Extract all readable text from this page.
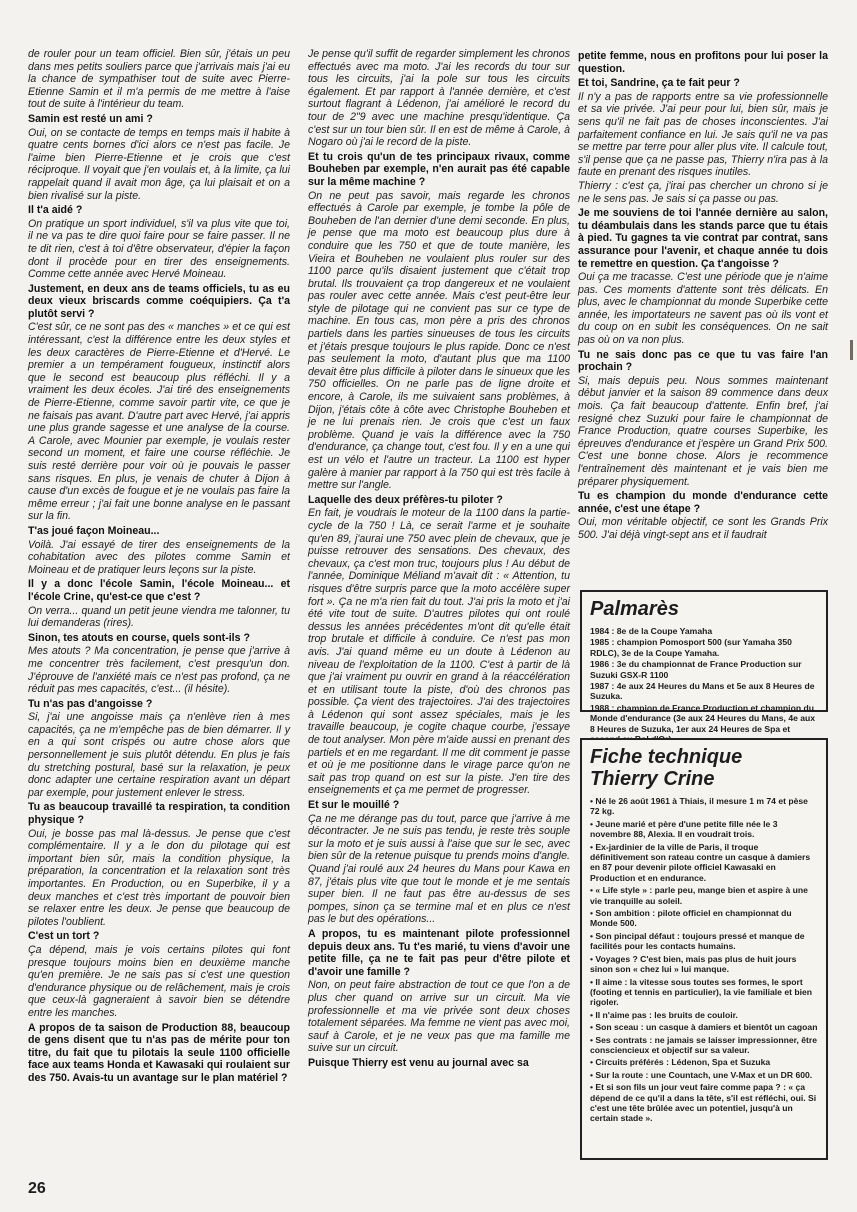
de rouler pour un team officiel. Bien sûr, j'étais un peu dans mes petits souliers parce que j'arrivais mais j'ai eu la chance de sympathiser tout de suite avec Pierre-Etienne Samin et il m'a permis de me mettre à l'aise tout de suite à l'intérieur du team.

Samin est resté un ami ?

Oui, on se contacte de temps en temps mais il habite à quatre cents bornes d'ici alors ce n'est pas facile. Je l'aime bien Pierre-Etienne et je crois que c'est réciproque. Il voyait que j'en voulais et, à la limite, ça lui rappelait quand il avait mon âge, ça lui plaisait et on a bien rivalisé sur la piste.

Il t'a aidé ?

On pratique un sport individuel, s'il va plus vite que toi, il ne va pas te dire quoi faire pour se faire passer. Il ne te dit rien, c'est à toi d'être observateur, d'épier la façon dont il procède pour en tirer des enseignements. Comme cette année avec Hervé Moineau.

Justement, en deux ans de teams officiels, tu as eu deux vieux briscards comme coéquipiers. Ça t'a plutôt servi ?

C'est sûr, ce ne sont pas des « manches » et ce qui est intéressant, c'est la différence entre les deux styles et les deux caractères de Pierre-Etienne et d'Hervé. Le premier a un tempérament fougueux, instinctif alors que le second est beaucoup plus réfléchi. Il y a vraiment les deux écoles. J'ai tiré des enseignements de Pierre-Etienne, comme savoir partir vite, ce que je ne faisais pas avant. D'autre part avec Hervé, j'ai appris une plus grande sagesse et une analyse de la course. A Carole, avec Mounier par exemple, je voulais rester second un moment, et faire une course réfléchie. Je suis resté derrière pour voir où je pouvais le passer sans risques. En plus, je venais de chuter à Dijon à cause d'un excès de fougue et je ne voulais pas faire la même erreur ; j'ai fait une bonne analyse en le passant sur la fin.

T'as joué façon Moineau...

Voilà. J'ai essayé de tirer des enseignements de la cohabitation avec des pilotes comme Samin et Moineau et de pratiquer leurs leçons sur la piste.

Il y a donc l'école Samin, l'école Moineau... et l'école Crine, qu'est-ce que c'est ?

On verra... quand un petit jeune viendra me talonner, tu lui demanderas (rires).

Sinon, tes atouts en course, quels sont-ils ?

Mes atouts ? Ma concentration, je pense que j'arrive à me concentrer très facilement, c'est presqu'un don. J'éprouve de l'anxiété mais ce n'est pas profond, ça ne réduit pas mes capacités, c'est... (il hésite).

Tu n'as pas d'angoisse ?

Si, j'ai une angoisse mais ça n'enlève rien à mes capacités, ça ne m'empêche pas de bien démarrer. Il y en a qui sont crispés ou autre chose alors que personnellement je suis plutôt détendu. En plus je fais du stretching postural, basé sur la relaxation, je peux donc adapter une certaine respiration avant un départ par exemple, pour justement enlever le stress.

Tu as beaucoup travaillé ta respiration, ta condition physique ?

Oui, je bosse pas mal là-dessus. Je pense que c'est complémentaire. Il y a le don du pilotage qui est important bien sûr, mais la condition physique, la préparation, la concentration et la relaxation sont très importantes. En Production, ou en Superbike, il y a deux manches et c'est très important de pouvoir bien se relaxer entre les deux. Je pense que beaucoup de pilotes l'oublient.

C'est un tort ?

Ça dépend, mais je vois certains pilotes qui font presque toujours moins bien en deuxième manche qu'en première. Je ne sais pas si c'est une question d'endurance physique ou de relâchement, mais je crois que ceux-là gagneraient à savoir bien se détendre entre les manches.

A propos de ta saison de Production 88, beaucoup de gens disent que tu n'as pas de mérite pour ton titre, du fait que tu pilotais la seule 1100 officielle face aux teams Honda et Kawasaki qui roulaient sur des 750. Avais-tu un avantage sur le plan matériel ?

Je pense qu'il suffit de regarder simplement les chronos effectués avec ma moto. J'ai les records du tour sur tous les circuits, j'ai la pole sur tous les circuits également. Et par rapport à l'année dernière, et c'est surtout flagrant à Lédenon, j'ai amélioré le record du tour de 2"9 avec une machine presqu'identique. Ça c'est sur un tour bien sûr. Il en est de même à Carole, à Nogaro où j'ai le record de la piste.

Et tu crois qu'un de tes principaux rivaux, comme Bouheben par exemple, n'en aurait pas été capable sur la même machine ?

On ne peut pas savoir, mais regarde les chronos effectués à Carole par exemple, je tombe la pôle de Bouheben de l'an dernier d'une demi seconde. En plus, je pense que ma moto est beaucoup plus dure à conduire que les 750 et que de toute manière, les Vieira et Bouheben ne voulaient plus rouler sur des 1100 parce qu'ils disaient justement que c'était trop brutal. Ils trouvaient ça trop dangereux et ne voulaient pas rouler avec cette année. Mais c'est peut-être leur style de pilotage qui ne convient pas sur ce type de machine. En tous cas, mon père a pris des chronos partiels dans les parties sinueuses de tous les circuits et j'étais presque toujours le plus rapide. Donc ce n'est pas seulement la moto, d'autant plus que ma 1100 devait être plus difficile à piloter dans le sinueux que les 750 officielles. On ne parle pas de ligne droite et encore, à Carole, ils me suivaient sans problèmes, à Dijon, j'étais côte à côte avec Christophe Bouheben et je ne lui prenais rien. Je crois que c'est un faux problème. Quand je vais la différence avec la 750 d'endurance, ça change tout, c'est fou. Il y en a une qui est un vélo et l'autre un tracteur. La 1100 est hyper galère à manier par rapport à la 750 qui est très facile à mettre sur l'angle.

Laquelle des deux préfères-tu piloter ?

En fait, je voudrais le moteur de la 1100 dans la partie-cycle de la 750 ! Là, ce serait l'arme et je souhaite qu'en 89, j'aurai une 750 avec plein de chevaux, que je puisse retrouver des sensations. Des chevaux, des chevaux, ça c'est mon truc, toujours plus ! Au début de l'année, Dominique Méliand m'avait dit : « Attention, tu risques d'être surpris parce que la moto accélère super fort ». Ça ne m'a rien fait du tout. J'ai pris la moto et j'ai été vite tout de suite. D'autres pilotes qui ont roulé dessus les années précédentes m'ont dit qu'elle était trop brutale et difficile à conduire. Ce n'est pas mon avis. J'ai quand même eu un doute à Lédenon au niveau de l'exploitation de la 1100. C'est à partir de là que j'ai vraiment pu ouvrir en grand à la réaccélération et en utilisant toute la piste, d'où des chronos pas possible. Ça vient des trajectoires. J'ai des trajectoires à Lédenon qui sont assez spéciales, mais je les travaille beaucoup, je cogite chaque courbe, j'essaye de tout analyser. Mon père m'aide aussi en prenant des partiels et en me regardant. Il me dit comment je passe et où je me positionne dans le virage parce qu'on ne sait pas trop quand on est sur la piste. J'en tire des enseignements et ça me permet de progresser.

Et sur le mouillé ?

Ça ne me dérange pas du tout, parce que j'arrive à me décontracter. Je ne suis pas tendu, je reste très souple sur la moto et je suis aussi à l'aise que sur le sec, avec bien sûr de la retenue puisque tu prends moins d'angle. Quand j'ai roulé aux 24 heures du Mans pour Kawa en 87, j'étais plus vite que tout le monde et je me sentais super bien. Il ne faut pas être au-dessus de ses pompes, sinon ça se termine mal et en plus ce n'est pas le but des opérations...

A propos, tu es maintenant pilote professionnel depuis deux ans. Tu t'es marié, tu viens d'avoir une petite fille, ça ne te fait pas peur d'être pilote et d'avoir une famille ?

Non, on peut faire abstraction de tout ce que l'on a de plus cher quand on arrive sur un circuit. Ma vie professionnelle et ma vie privée sont deux choses totalement séparées. Ma femme ne vient pas avec moi, sauf à Carole, et je ne veux pas que ma famille me suive sur un circuit.

Puisque Thierry est venu au journal avec sa

petite femme, nous en profitons pour lui poser la question.

Et toi, Sandrine, ça te fait peur ?

Il n'y a pas de rapports entre sa vie professionnelle et sa vie privée. J'ai peur pour lui, bien sûr, mais je sens qu'il ne fait pas de choses inconscientes. J'ai parfaitement confiance en lui. Je sais qu'il ne va pas se mettre par terre pour aller plus vite. Il calcule tout, s'il pense que ça ne passe pas, Thierry n'ira pas à la faute en prenant des risques inutiles.

Thierry : c'est ça, j'irai pas chercher un chrono si je ne le sens pas. Je sais si ça passe ou pas.

Je me souviens de toi l'année dernière au salon, tu déambulais dans les stands parce que tu étais à pied. Tu gagnes ta vie contrat par contrat, sans assurance pour l'avenir, et chaque année tu dois te remettre en question. Ça t'angoisse ?

Oui ça me tracasse. C'est une période que je n'aime pas. Ces moments d'attente sont très délicats. En plus, avec le championnat du monde Superbike cette année, les importateurs ne savent pas où ils vont et du coup on en subit les conséquences. On ne sait pas où on va non plus.

Tu ne sais donc pas ce que tu vas faire l'an prochain ?

Si, mais depuis peu. Nous sommes maintenant début janvier et la saison 89 commence dans deux mois. Ça fait beaucoup d'attente. Enfin bref, j'ai resigné chez Suzuki pour faire le championnat de France Production, quatre courses Superbike, les épreuves d'endurance et j'espère un Grand Prix 500. C'est une bonne chose. Alors je recommence l'entraînement dès maintenant et je vais bien me préparer physiquement.

Tu es champion du monde d'endurance cette année, c'est une étape ?

Oui, mon véritable objectif, ce sont les Grands Prix 500. J'ai déjà vingt-sept ans et il faudrait

Palmarès
1984 : 8e de la Coupe Yamaha
1985 : champion Pomosport 500 (sur Yamaha 350 RDLC), 3e de la Coupe Yamaha.
1986 : 3e du championnat de France Production sur Suzuki GSX-R 1100
1987 : 4e aux 24 Heures du Mans et 5e aux 8 Heures de Suzuka.
1988 : champion de France Production et champion du Monde d'endurance (3e aux 24 Heures du Mans, 4e aux 8 Heures de Suzuka, 1er aux 24 Heures de Spa et
Fiche technique
Thierry Crine
• Né le 26 août 1961 à Thiais, il mesure 1 m 74 et pèse 72 kg.
• Jeune marié et père d'une petite fille née le 3 novembre 88, Alexia. Il en voudrait trois.
• Ex-jardinier de la ville de Paris, il troque définitivement son rateau contre un casque à damiers en 87 pour devenir pilote officiel Kawasaki en Production et en endurance.
• « Life style » : parle peu, mange bien et aspire à une vie tranquille au soleil.
• Son ambition : pilote officiel en championnat du Monde 500.
• Son pincipal défaut : toujours pressé et manque de facilités pour les contacts humains.
• Voyages ? C'est bien, mais pas plus de huit jours sinon son « chez lui » lui manque.
• Il aime : la vitesse sous toutes ses formes, le sport (footing et tennis en particulier), la vie familiale et bien rigoler.
• Il n'aime pas : les bruits de couloir.
• Son sceau : un casque à damiers et bientôt un cagoan
• Ses contrats : ne jamais se laisser impressionner, être consciencieux et objectif sur sa valeur.
• Circuits préférés : Lédenon, Spa et Suzuka
• Sur la route : une Countach, une V-Max et un DR 600.
• Et si son fils un jour veut faire comme papa ? : « ça dépend de ce qu'il a dans la tête, s'il est réfléchi, oui. Si c'est une tête brûlée avec un potentiel, jusqu'à un certain stade ».
26
